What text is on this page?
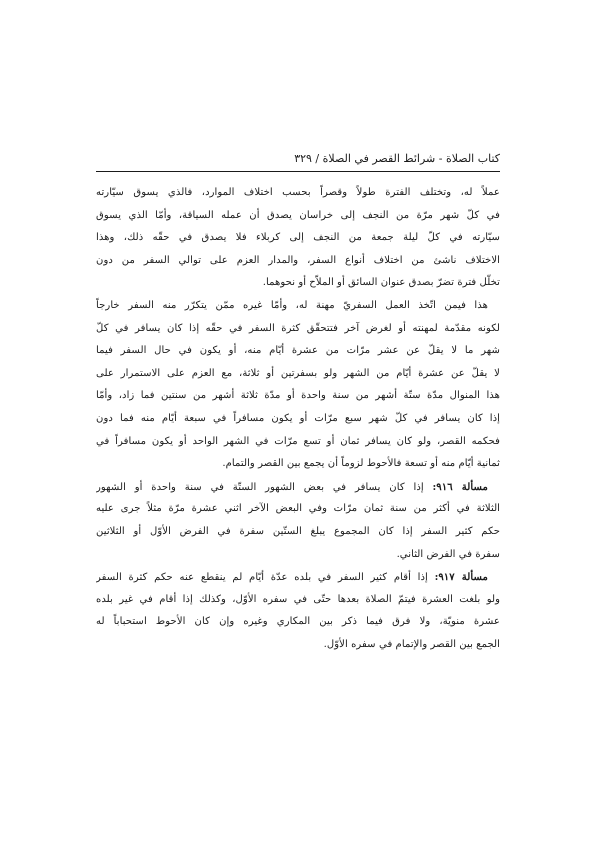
كتاب الصلاة - شرائط القصر في الصلاة / ٣٢٩
عملاً له، وتختلف الفترة طولاً وقصراً بحسب اختلاف الموارد، فالذي يسوق سيّارته
في كلّ شهر مرّة من النجف إلى خراسان يصدق أن عمله السياقة، وأمّا الذي يسوق
سيّارته في كلّ ليلة جمعة من النجف إلى كربلاء فلا يصدق في حقّه ذلك، وهذا
الاختلاف ناشئ من اختلاف أنواع السفر، والمدار العزم على توالي السفر من دون
تخلّل فترة تضرّ بصدق عنوان السائق أو الملاّح أو نحوهما.
هذا فيمن اتّخذ العمل السفريّ مهنة له، وأمّا غيره ممّن يتكرّر منه السفر خارجاً
لكونه مقدّمة لمهنته أو لغرض آخر فتتحقّق كثرة السفر في حقّه إذا كان يسافر في كلّ
شهر ما لا يقلّ عن عشر مرّات من عشرة أيّام منه، أو يكون في حال السفر فيما
لا يقلّ عن عشرة أيّام من الشهر ولو بسفرتين أو ثلاثة، مع العزم على الاستمرار على
هذا المنوال مدّة ستّة أشهر من سنة واحدة أو مدّة ثلاثة أشهر من سنتين فما زاد، وأمّا
إذا كان يسافر في كلّ شهر سبع مرّات أو يكون مسافراً في سبعة أيّام منه فما دون
فحكمه القصر، ولو كان يسافر ثمان أو تسع مرّات في الشهر الواحد أو يكون مسافراً في
ثمانية أيّام منه أو تسعة فالأحوط لزوماً أن يجمع بين القصر والتمام.
مسألة ٩١٦: إذا كان يسافر في بعض الشهور الستّة في سنة واحدة أو الشهور
الثلاثة في أكثر من سنة ثمان مرّات وفي البعض الآخر اثني عشرة مرّة مثلاً جرى عليه
حكم كثير السفر إذا كان المجموع يبلغ الستّين سفرة في الفرض الأوّل أو الثلاثين
سفرة في الفرض الثاني.
مسألة ٩١٧: إذا أقام كثير السفر في بلده عدّة أيّام لم ينقطع عنه حكم كثرة السفر
ولو بلغت العشرة فيتمّ الصلاة بعدها حتّى في سفره الأوّل، وكذلك إذا أقام في غير بلده
عشرة منويّة، ولا فرق فيما ذكر بين المكاري وغيره وإن كان الأحوط استحباباً له
الجمع بين القصر والإتمام في سفره الأوّل.
